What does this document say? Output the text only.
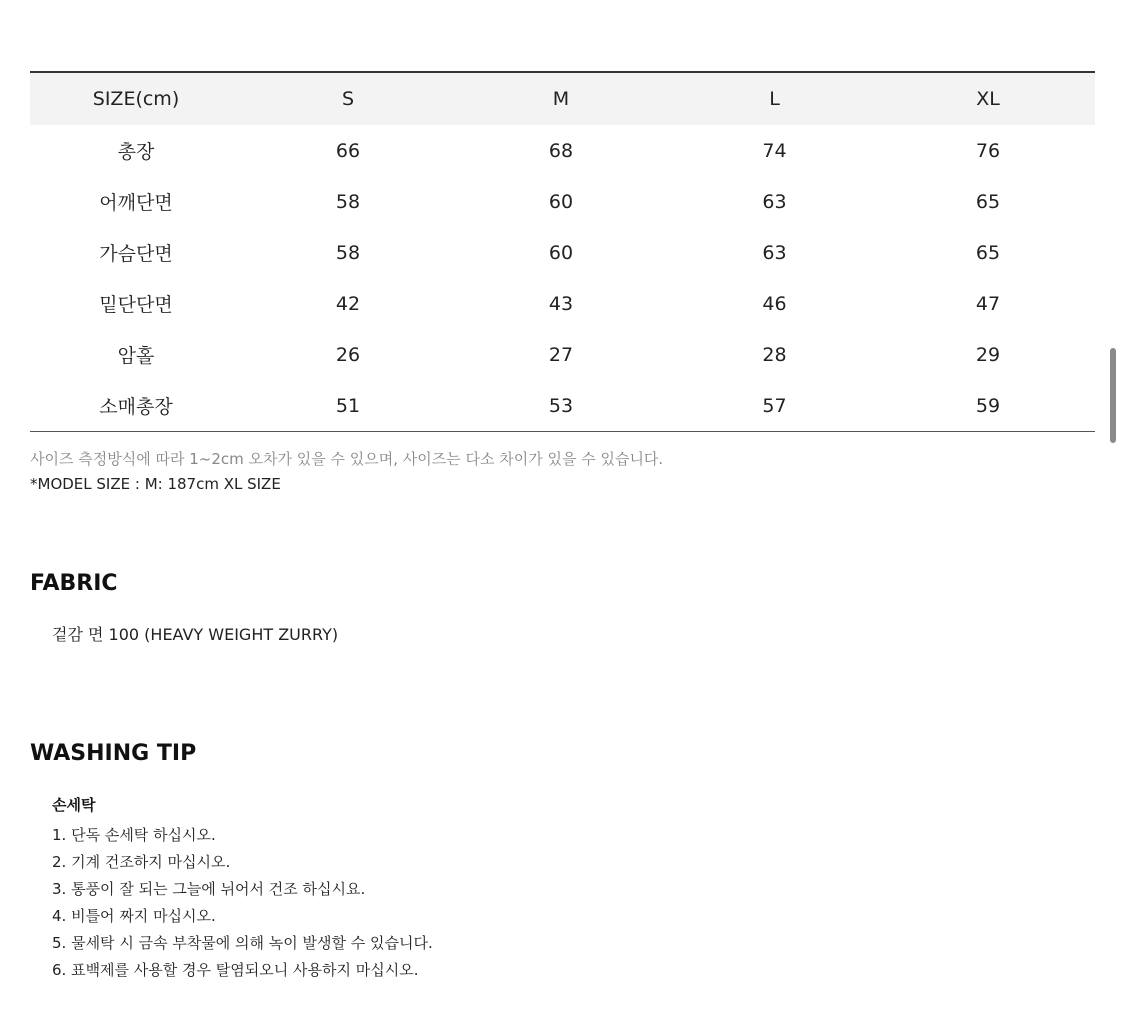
SIZE(cm)	S	M	L	XL
총장	66	68	74	76
어깨단면	58	60	63	65
가슴단면	58	60	63	65
밑단단면	42	43	46	47
암홀	26	27	28	29
소매총장	51	53	57	59
사이즈 측정방식에 따라 1~2cm 오차가 있을 수 있으며, 사이즈는 다소 차이가 있을 수 있습니다.
*MODEL SIZE : M: 187cm XL SIZE
FABRIC
겉감 면 100 (HEAVY WEIGHT ZURRY)
WASHING TIP
손세탁
1. 단독 손세탁 하십시오.
2. 기계 건조하지 마십시오.
3. 통풍이 잘 되는 그늘에 뉘어서 건조 하십시요.
4. 비틀어 짜지 마십시오.
5. 물세탁 시 금속 부착물에 의해 녹이 발생할 수 있습니다.
6. 표백제를 사용할 경우 탈염되오니 사용하지 마십시오.
